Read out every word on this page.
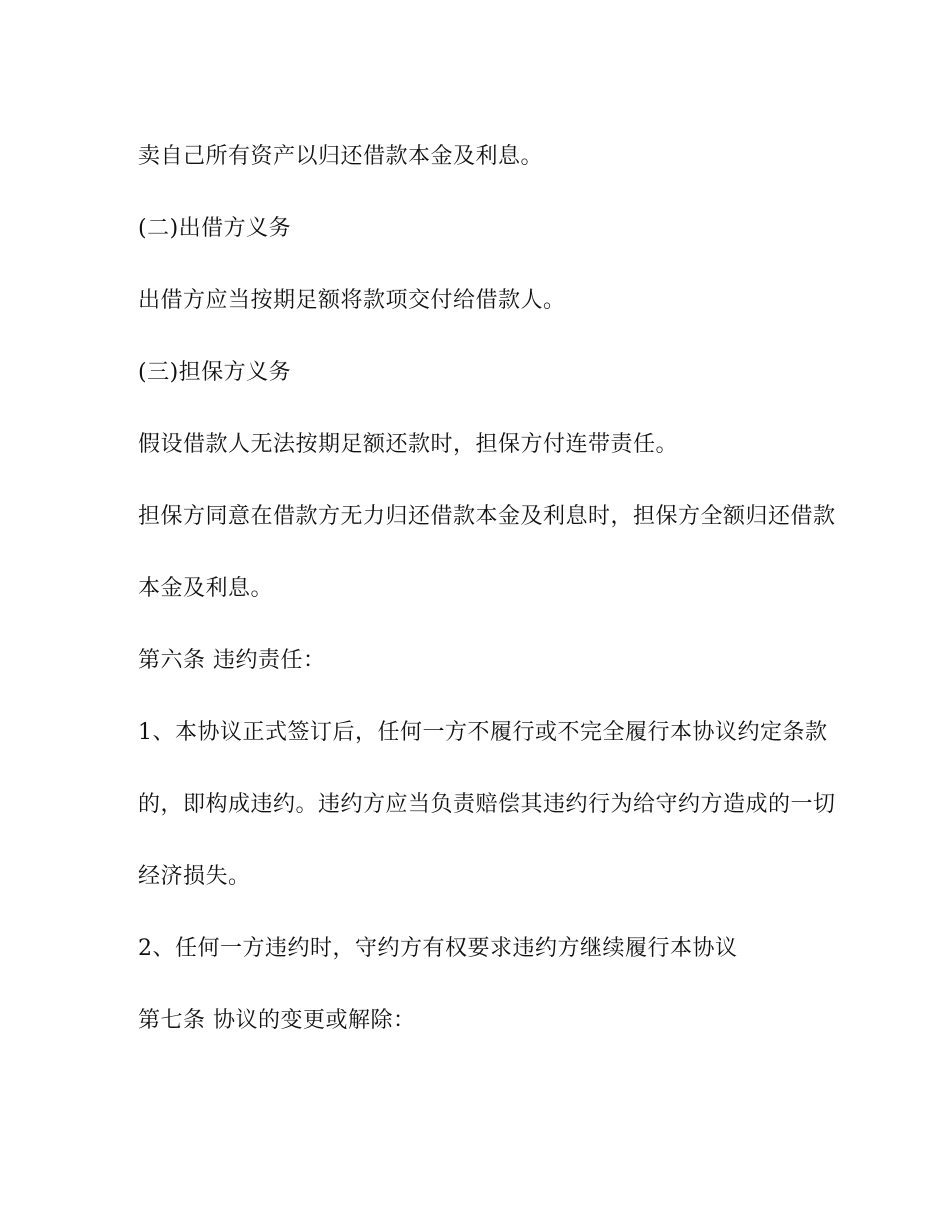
卖自己所有资产以归还借款本金及利息。
(二)出借方义务
出借方应当按期足额将款项交付给借款人。
(三)担保方义务
假设借款人无法按期足额还款时，担保方付连带责任。
担保方同意在借款方无力归还借款本金及利息时，担保方全额归还借款
本金及利息。
第六条 违约责任：
1、本协议正式签订后，任何一方不履行或不完全履行本协议约定条款
的，即构成违约。违约方应当负责赔偿其违约行为给守约方造成的一切
经济损失。
2、任何一方违约时，守约方有权要求违约方继续履行本协议
第七条 协议的变更或解除：
